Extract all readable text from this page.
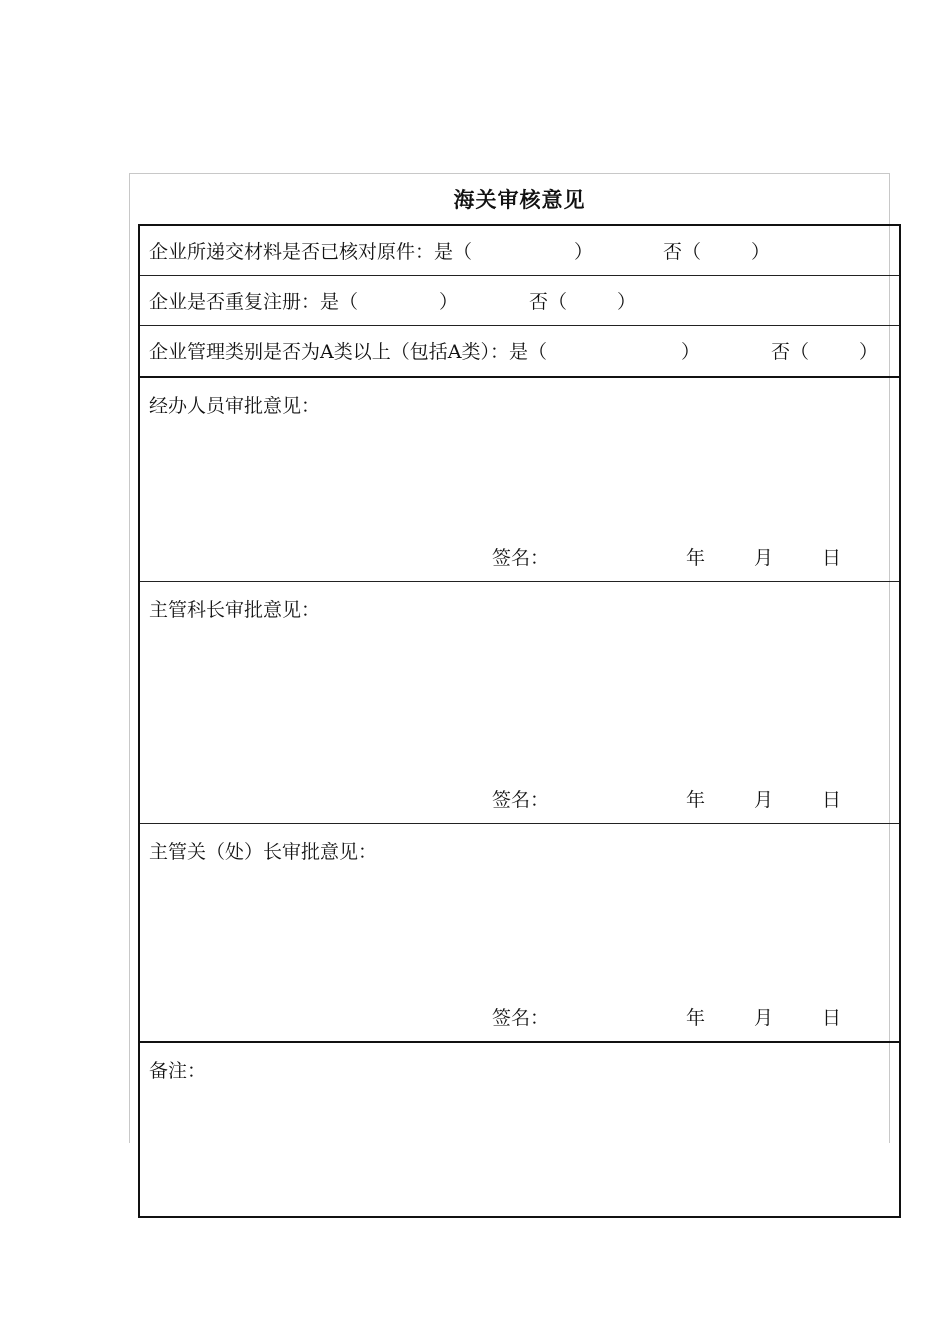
海关审核意见
企业所递交材料是否已核对原件：是（	）	否（	）
企业是否重复注册：是（	）	否（	）
企业管理类别是否为A类以上（包括A类）：是（	）	否（	）
经办人员审批意见：
签名：	年	月	日
主管科长审批意见：
签名：	年	月	日
主管关（处）长审批意见：
签名：	年	月	日
备注：
